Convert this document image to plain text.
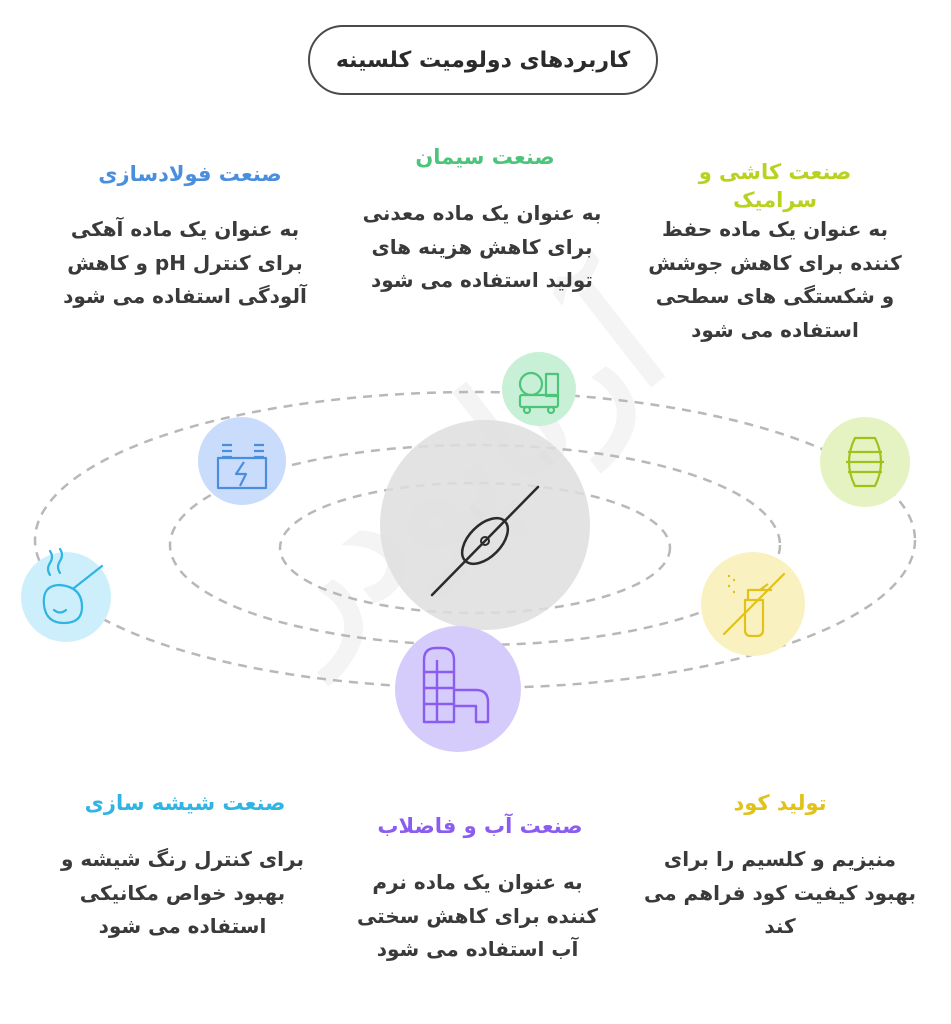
کاربردهای دولومیت کلسینه
صنعت فولادسازی
به عنوان یک ماده آهکی برای کنترل pH و کاهش آلودگی استفاده می شود
صنعت سیمان
به عنوان یک ماده معدنی برای کاهش هزینه های تولید استفاده می شود
صنعت کاشی و سرامیک
به عنوان یک ماده حفظ کننده برای کاهش جوشش و شکستگی های سطحی استفاده می شود
صنعت شیشه سازی
برای کنترل رنگ شیشه و بهبود خواص مکانیکی استفاده می شود
صنعت آب و فاضلاب
به عنوان یک ماده نرم کننده برای کاهش سختی آب استفاده می شود
تولید کود
منیزیم و کلسیم را برای بهبود کیفیت کود فراهم می کند
